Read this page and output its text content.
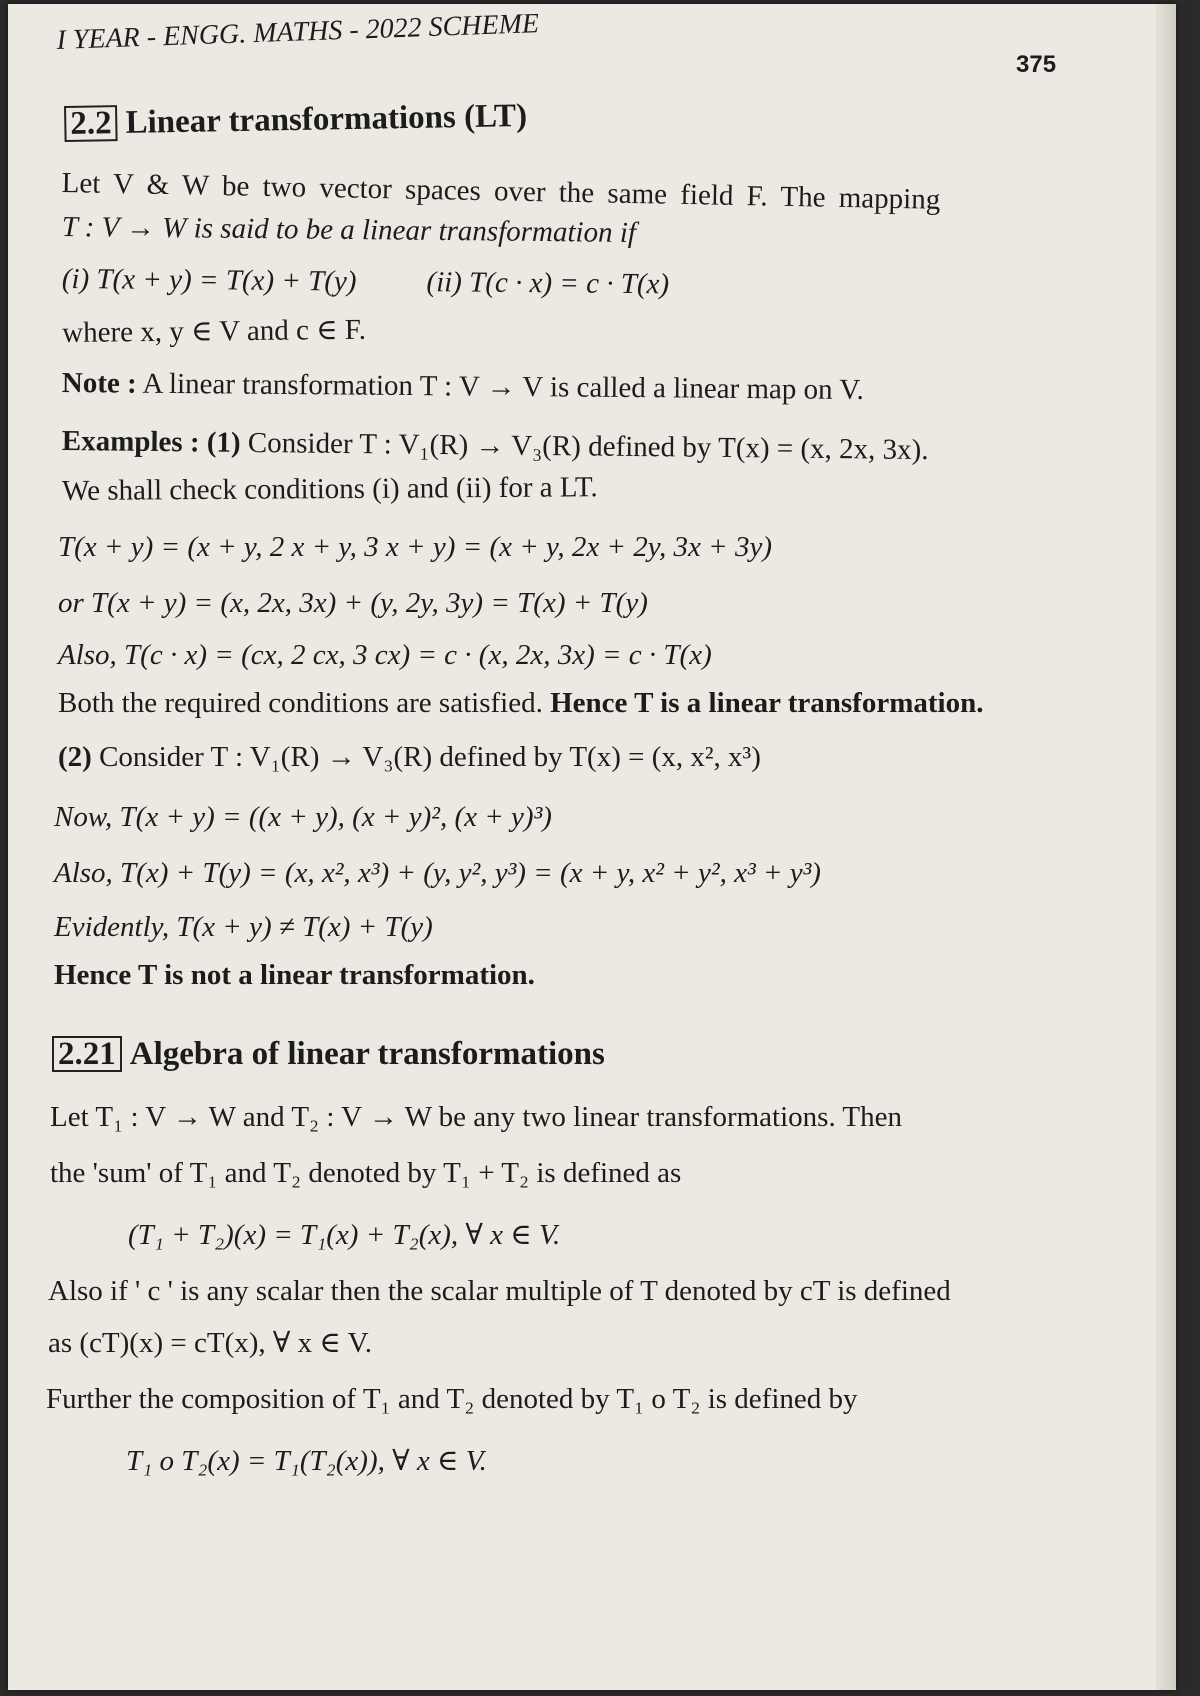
I YEAR - ENGG. MATHS - 2022 SCHEME
375
2.2 Linear transformations (LT)
Let V & W be two vector spaces over the same field F. The mapping
T : V → W is said to be a linear transformation if
(i) T(x + y) = T(x) + T(y) (ii) T(c · x) = c · T(x)
where x, y ∈ V and c ∈ F.
Note : A linear transformation T : V → V is called a linear map on V.
Examples : (1) Consider T : V₁(R) → V₃(R) defined by T(x) = (x, 2x, 3x).
We shall check conditions (i) and (ii) for a LT.
T(x + y) = (x + y, 2 x + y, 3 x + y) = (x + y, 2x + 2y, 3x + 3y)
or T(x + y) = (x, 2x, 3x) + (y, 2y, 3y) = T(x) + T(y)
Also, T(c · x) = (cx, 2 cx, 3 cx) = c · (x, 2x, 3x) = c · T(x)
Both the required conditions are satisfied. Hence T is a linear transformation.
(2) Consider T : V₁(R) → V₃(R) defined by T(x) = (x, x², x³)
Now, T(x + y) = ((x + y), (x + y)², (x + y)³)
Also, T(x) + T(y) = (x, x², x³) + (y, y², y³) = (x + y, x² + y², x³ + y³)
Evidently, T(x + y) ≠ T(x) + T(y)
Hence T is not a linear transformation.
2.21 Algebra of linear transformations
Let T₁ : V → W and T₂ : V → W be any two linear transformations. Then
the 'sum' of T₁ and T₂ denoted by T₁ + T₂ is defined as
(T₁ + T₂)(x) = T₁(x) + T₂(x), ∀ x ∈ V.
Also if ' c ' is any scalar then the scalar multiple of T denoted by cT is defined
as (cT)(x) = cT(x), ∀ x ∈ V.
Further the composition of T₁ and T₂ denoted by T₁ o T₂ is defined by
T₁ o T₂(x) = T₁(T₂(x)), ∀ x ∈ V.
